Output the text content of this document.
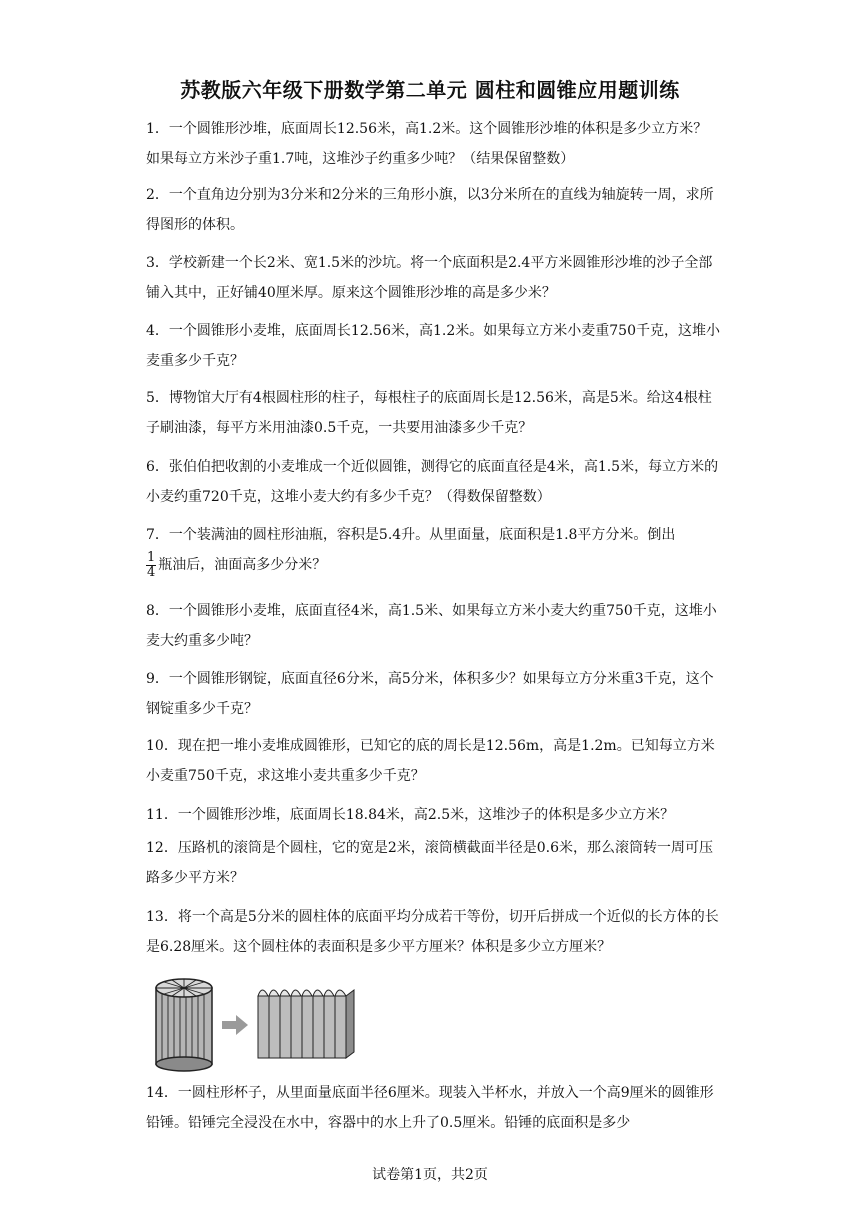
苏教版六年级下册数学第二单元 圆柱和圆锥应用题训练

1．一个圆锥形沙堆，底面周长12.56米，高1.2米。这个圆锥形沙堆的体积是多少立方米？如果每立方米沙子重1.7吨，这堆沙子约重多少吨？（结果保留整数）

2．一个直角边分别为3分米和2分米的三角形小旗，以3分米所在的直线为轴旋转一周，求所得图形的体积。

3．学校新建一个长2米、宽1.5米的沙坑。将一个底面积是2.4平方米圆锥形沙堆的沙子全部铺入其中，正好铺40厘米厚。原来这个圆锥形沙堆的高是多少米？

4．一个圆锥形小麦堆，底面周长12.56米，高1.2米。如果每立方米小麦重750千克，这堆小麦重多少千克？

5．博物馆大厅有4根圆柱形的柱子，每根柱子的底面周长是12.56米，高是5米。给这4根柱子刷油漆，每平方米用油漆0.5千克，一共要用油漆多少千克？

6．张伯伯把收割的小麦堆成一个近似圆锥，测得它的底面直径是4米，高1.5米，每立方米的小麦约重720千克，这堆小麦大约有多少千克？（得数保留整数）

7．一个装满油的圆柱形油瓶，容积是5.4升。从里面量，底面积是1.8平方分米。倒出

$\frac{1}{4}$ 瓶油后，油面高多少分米？

8．一个圆锥形小麦堆，底面直径4米，高1.5米、如果每立方米小麦大约重750千克，这堆小麦大约重多少吨？

9．一个圆锥形钢锭，底面直径6分米，高5分米，体积多少？如果每立方分米重3千克，这个钢锭重多少千克？

10．现在把一堆小麦堆成圆锥形，已知它的底的周长是12.56m，高是1.2m。已知每立方米小麦重750千克，求这堆小麦共重多少千克？

11．一个圆锥形沙堆，底面周长18.84米，高2.5米，这堆沙子的体积是多少立方米？

12．压路机的滚筒是个圆柱，它的宽是2米，滚筒横截面半径是0.6米，那么滚筒转一周可压路多少平方米？

13．将一个高是5分米的圆柱体的底面平均分成若干等份，切开后拼成一个近似的长方体的长是6.28厘米。这个圆柱体的表面积是多少平方厘米？体积是多少立方厘米？

14．一圆柱形杯子，从里面量底面半径6厘米。现装入半杯水，并放入一个高9厘米的圆锥形铅锤。铅锤完全浸没在水中，容器中的水上升了0.5厘米。铅锤的底面积是多少

试卷第1页，共2页
